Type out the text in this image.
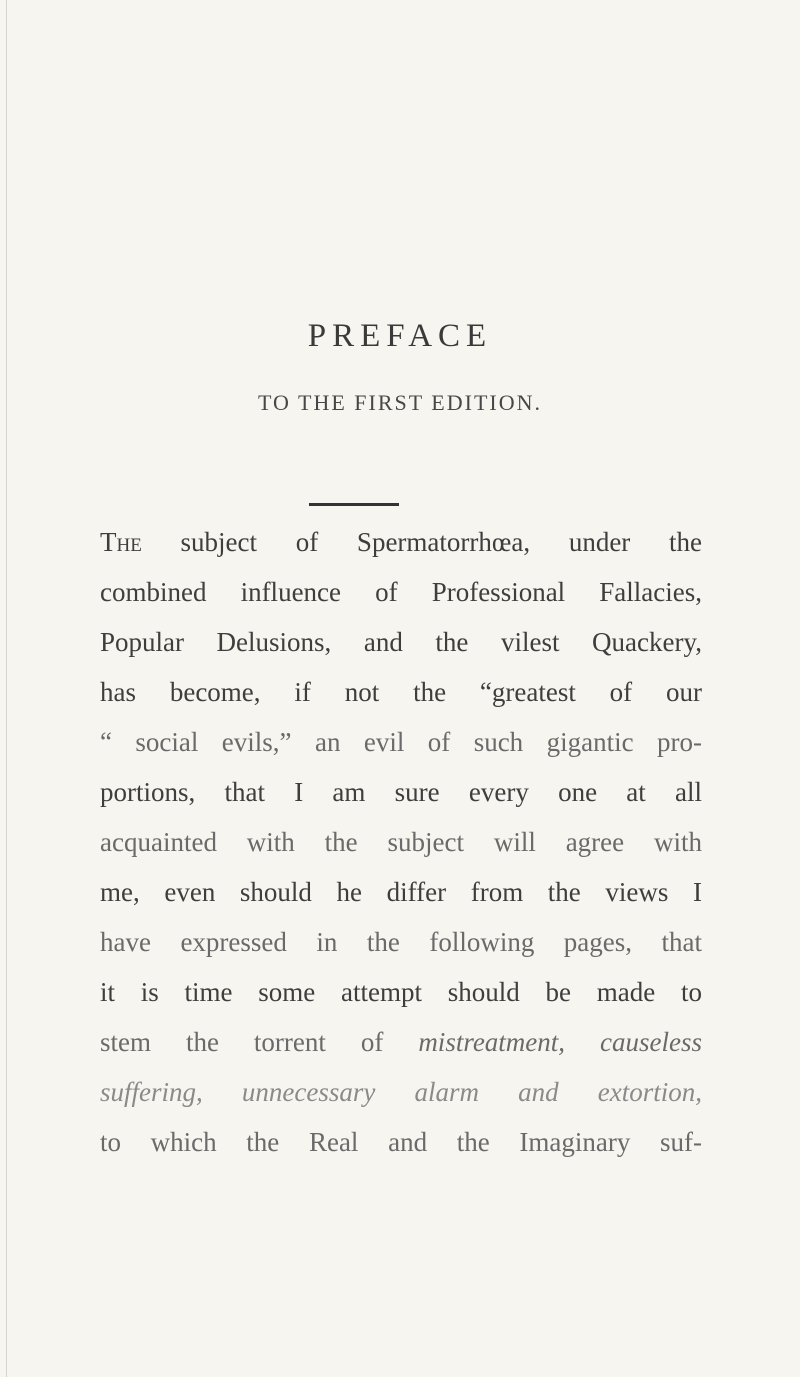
PREFACE
TO THE FIRST EDITION.
The subject of Spermatorrhœa, under the
combined influence of Professional Fallacies,
Popular Delusions, and the vilest Quackery,
has become, if not the “greatest of our
“ social evils,” an evil of such gigantic pro-
portions, that I am sure every one at all
acquainted with the subject will agree with
me, even should he differ from the views I
have expressed in the following pages, that
it is time some attempt should be made to
stem the torrent of mistreatment, causeless
suffering, unnecessary alarm and extortion,
to which the Real and the Imaginary suf-
